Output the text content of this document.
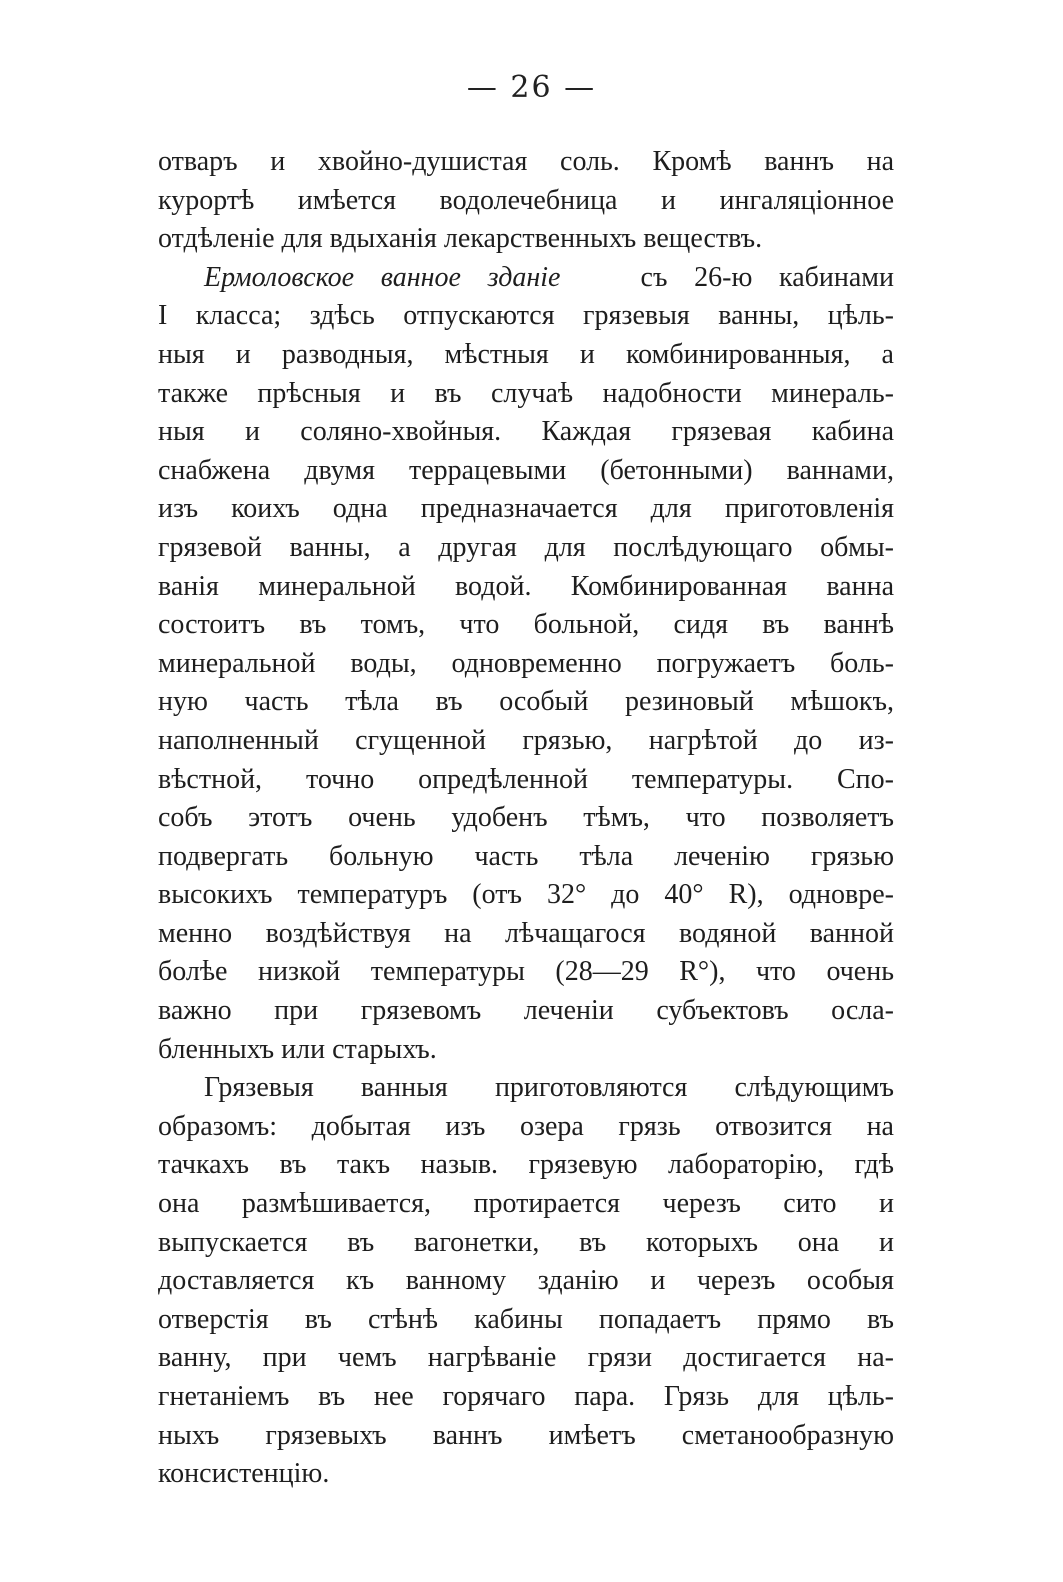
— 26 —
отваръ и хвойно-душистая соль. Кромѣ ваннъ на
курортѣ имѣется водолечебница и ингаляціонное
отдѣленіе для вдыханія лекарственныхъ веществъ.
Ермоловское ванное зданіе	съ 26-ю кабинами
I класса; здѣсь отпускаются грязевыя ванны, цѣль-
ныя и разводныя, мѣстныя и комбинированныя, а
также прѣсныя и въ случаѣ надобности минераль-
ныя и соляно-хвойныя. Каждая грязевая кабина
снабжена двумя террацевыми (бетонными) ваннами,
изъ коихъ одна предназначается для приготовленія
грязевой ванны, а другая для послѣдующаго обмы-
ванія минеральной водой. Комбинированная ванна
состоитъ въ томъ, что больной, сидя въ ваннѣ
минеральной воды, одновременно погружаетъ боль-
ную часть тѣла въ особый резиновый мѣшокъ,
наполненный сгущенной грязью, нагрѣтой до из-
вѣстной, точно опредѣленной температуры. Спо-
собъ этотъ очень удобенъ тѣмъ, что позволяетъ
подвергать больную часть тѣла леченію грязью
высокихъ температуръ (отъ 32° до 40° R), одновре-
менно воздѣйствуя на лѣчащагося водяной ванной
болѣе низкой температуры (28—29 R°), что очень
важно при грязевомъ леченіи субъектовъ осла-
бленныхъ или старыхъ.
Грязевыя ванныя приготовляются слѣдующимъ
образомъ: добытая изъ озера грязь отвозится на
тачкахъ въ такъ назыв. грязевую лабораторію, гдѣ
она размѣшивается, протирается черезъ сито и
выпускается въ вагонетки, въ которыхъ она и
доставляется къ ванному зданію и черезъ особыя
отверстія въ стѣнѣ кабины попадаетъ прямо въ
ванну, при чемъ нагрѣваніе грязи достигается на-
гнетаніемъ въ нее горячаго пара. Грязь для цѣль-
ныхъ грязевыхъ ваннъ имѣетъ сметанообразную
консистенцію.
